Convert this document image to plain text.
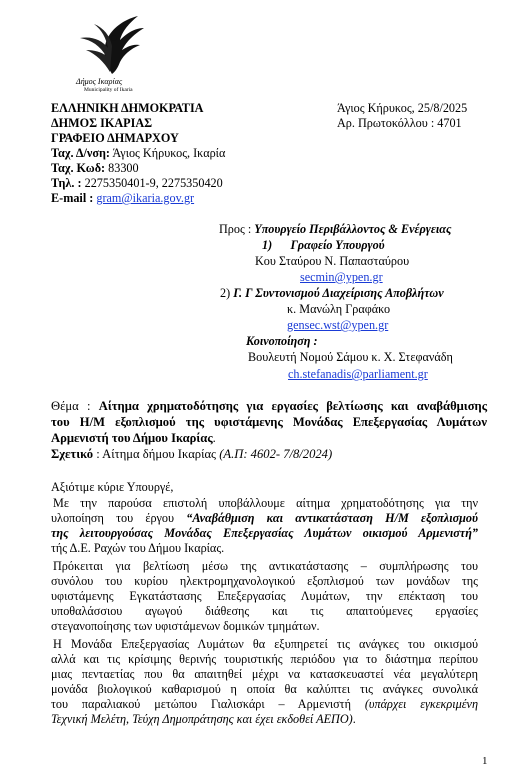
Δήμος Ικαρίας
Municipality of Ikaria
ΕΛΛΗΝΙΚΗ ΔΗΜΟΚΡΑΤΙΑ
ΔΗΜΟΣ ΙΚΑΡΙΑΣ
ΓΡΑΦΕΙΟ ΔΗΜΑΡΧΟΥ
Ταχ. Δ/νση: Άγιος Κήρυκος, Ικαρία
Ταχ. Κωδ: 83300
Τηλ. : 2275350401-9, 2275350420
E-mail : gram@ikaria.gov.gr
Άγιος Κήρυκος, 25/8/2025
Αρ. Πρωτοκόλλου : 4701
Προς : Υπουργείο Περιβάλλοντος & Ενέργειας
1) Γραφείο Υπουργού
Κου Σταύρου Ν. Παπασταύρου
secmin@ypen.gr
2) Γ. Γ Συντονισμού Διαχείρισης Αποβλήτων
κ. Μανώλη Γραφάκο
gensec.wst@ypen.gr
Κοινοποίηση :
Βουλευτή Νομού Σάμου κ. Χ. Στεφανάδη
ch.stefanadis@parliament.gr
Θέμα : Αίτημα χρηματοδότησης για εργασίες βελτίωσης και αναβάθμισης
του Η/Μ εξοπλισμού της υφιστάμενης Μονάδας Επεξεργασίας Λυμάτων
Αρμενιστή του Δήμου Ικαρίας.
Σχετικό : Αίτημα δήμου Ικαρίας (Α.Π: 4602- 7/8/2024)
Αξιότιμε κύριε Υπουργέ,
Με την παρούσα επιστολή υποβάλλουμε αίτημα χρηματοδότησης για την
υλοποίηση του έργου “Αναβάθμιση και αντικατάσταση Η/Μ εξοπλισμού
της λειτουργούσας Μονάδας Επεξεργασίας Λυμάτων οικισμού Αρμενιστή”
τής Δ.Ε. Ραχών του Δήμου Ικαρίας.
Πρόκειται για βελτίωση μέσω της αντικατάστασης – συμπλήρωσης του
συνόλου του κυρίου ηλεκτρομηχανολογικού εξοπλισμού των μονάδων της
υφιστάμενης Εγκατάστασης Επεξεργασίας Λυμάτων, την επέκταση του
υποθαλάσσιου αγωγού διάθεσης και τις απαιτούμενες εργασίες
στεγανοποίησης των υφιστάμενων δομικών τμημάτων.
Η Μονάδα Επεξεργασίας Λυμάτων θα εξυπηρετεί τις ανάγκες του οικισμού
αλλά και τις κρίσιμης θερινής τουριστικής περιόδου για το διάστημα περίπου
μιας πενταετίας που θα απαιτηθεί μέχρι να κατασκευαστεί νέα μεγαλύτερη
μονάδα βιολογικού καθαρισμού η οποία θα καλύπτει τις ανάγκες συνολικά
του παραλιακού μετώπου Γιαλισκάρι – Αρμενιστή (υπάρχει εγκεκριμένη
Τεχνική Μελέτη, Τεύχη Δημοπράτησης και έχει εκδοθεί ΑΕΠΟ).
1
